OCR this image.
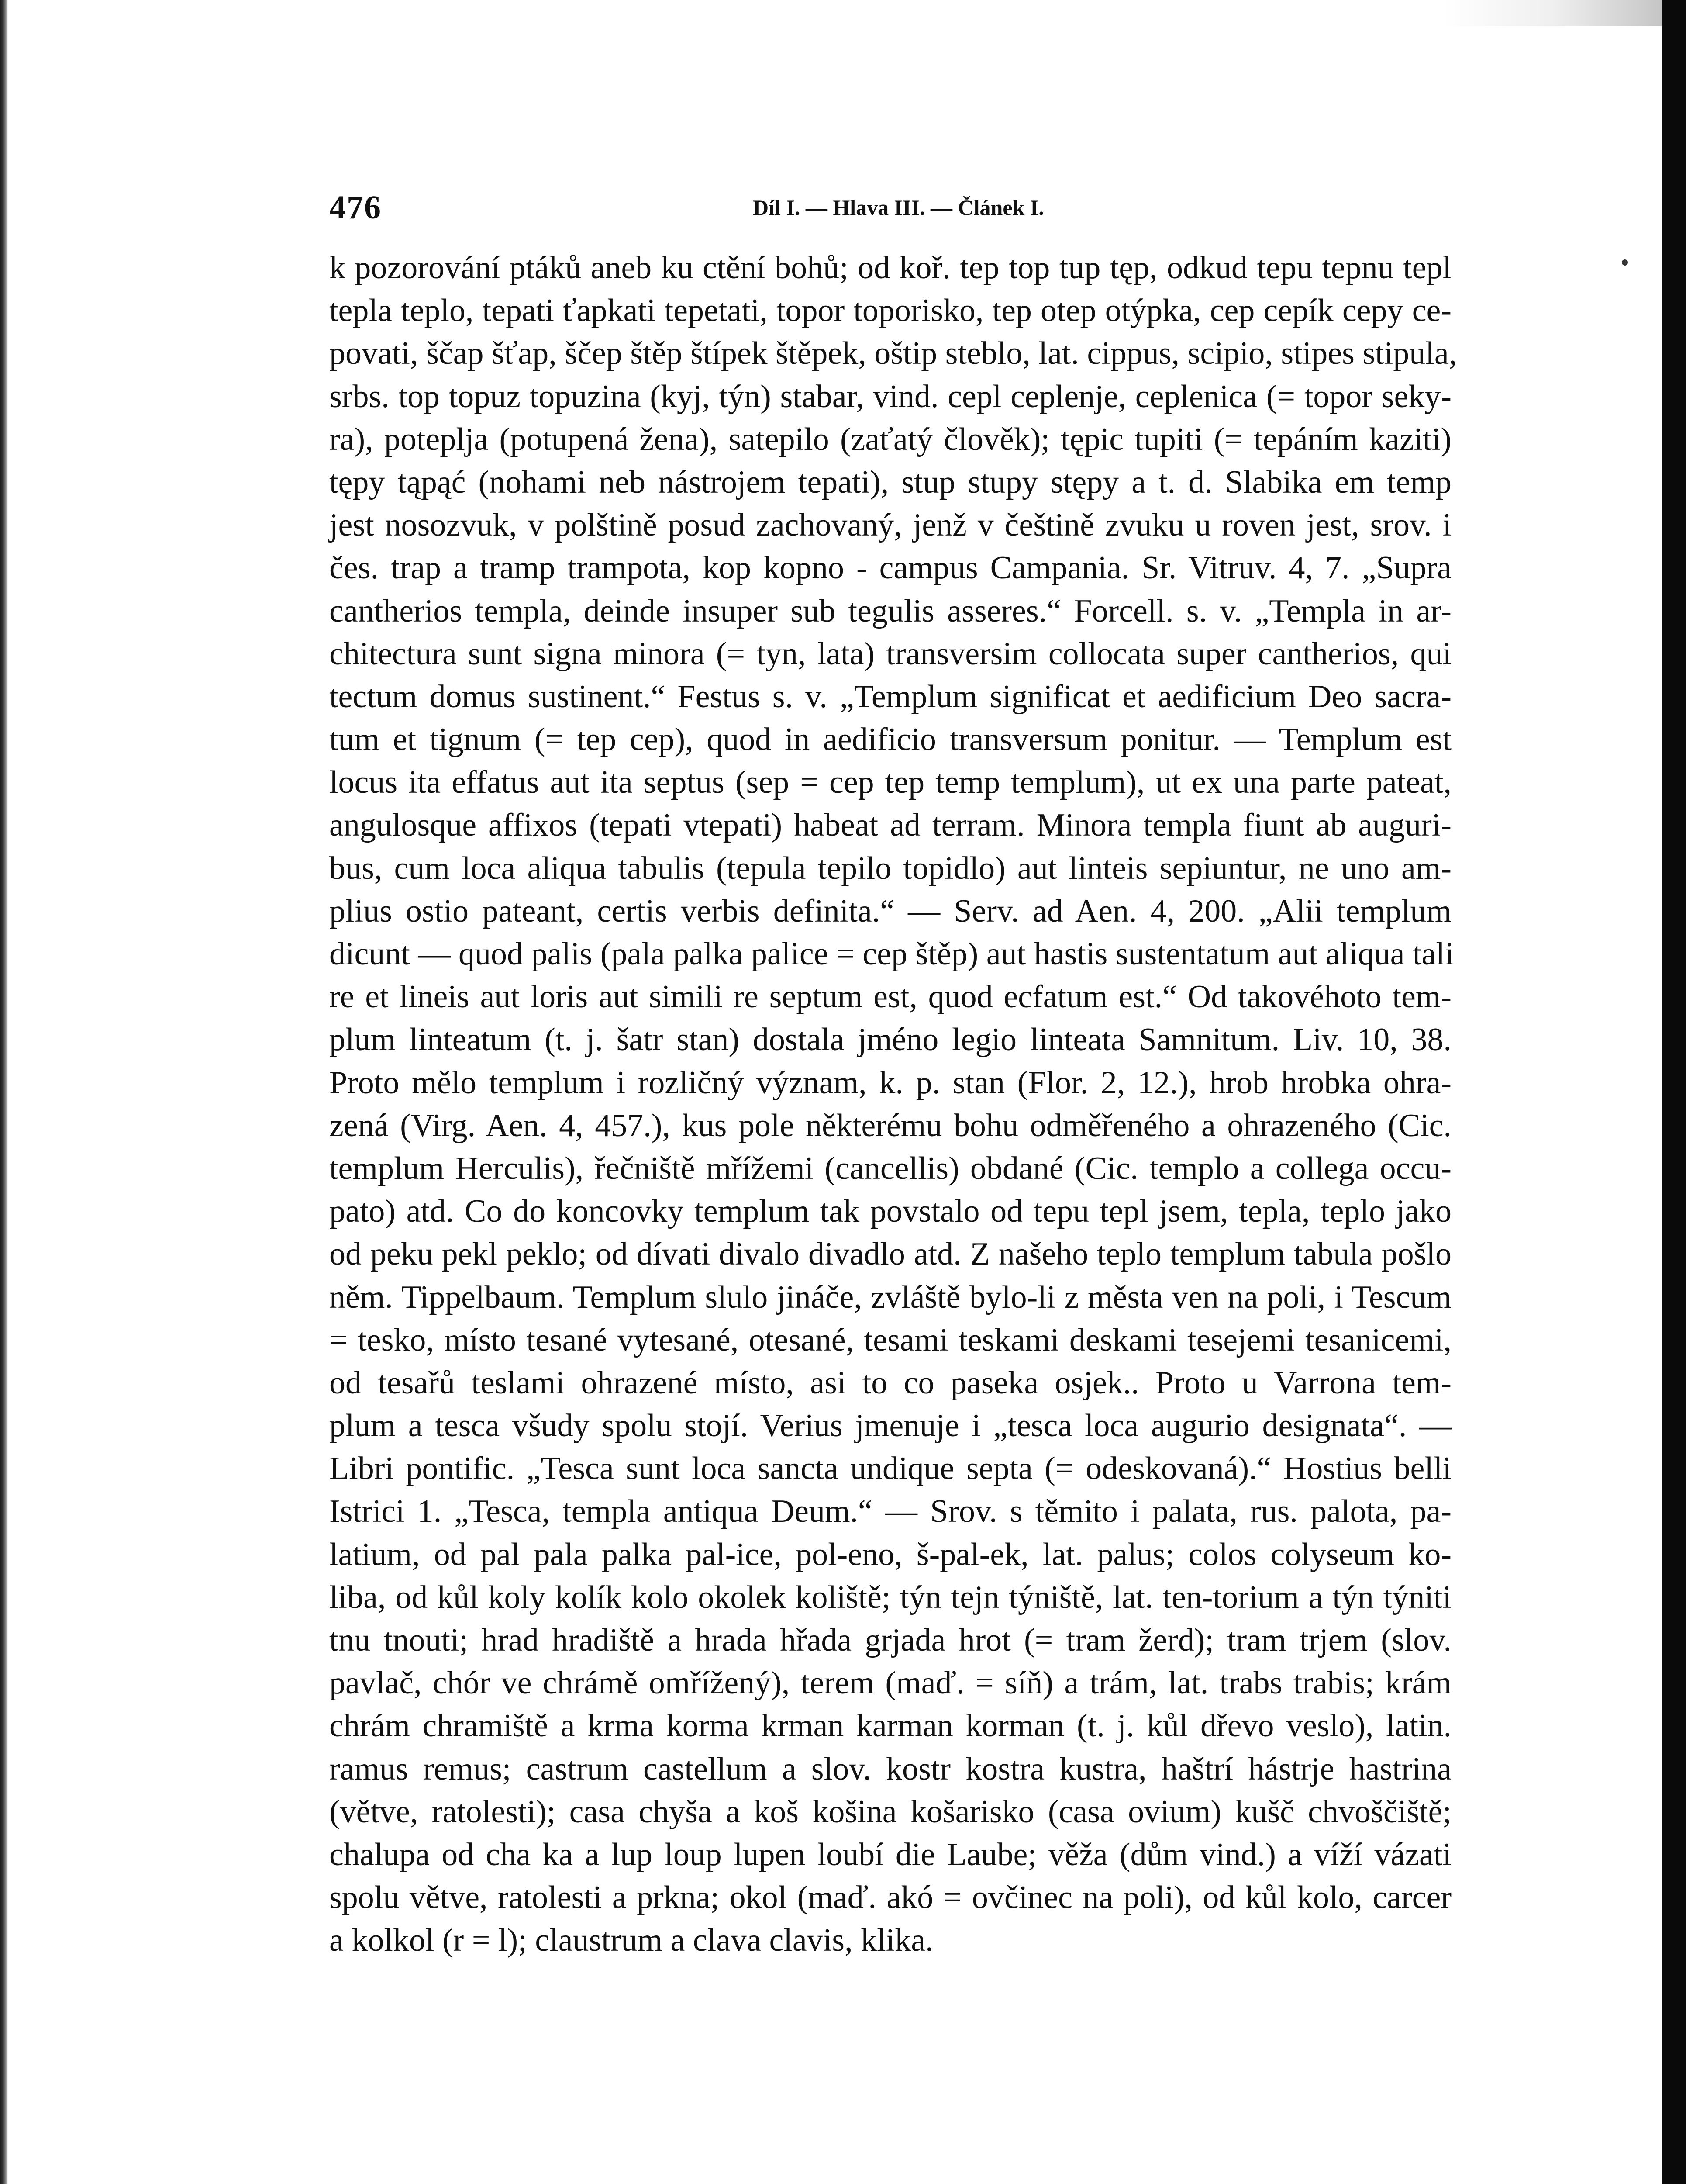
476	Díl I. — Hlava III. — Článek I.
k pozorování ptáků aneb ku ctění bohů; od koř. tep top tup tęp, odkud tepu tepnu tepl
tepla teplo, tepati ťapkati tepetati, topor toporisko, tep otep otýpka, cep cepík cepy ce-
povati, ščap šťap, ščep štěp štípek štěpek, oštip steblo, lat. cippus, scipio, stipes stipula,
srbs. top topuz topuzina (kyj, týn) stabar, vind. cepl ceplenje, ceplenica (= topor seky-
ra), poteplja (potupená žena), satepilo (zaťatý člověk); tępic tupiti (= tepáním kaziti)
tępy tąpąć (nohami neb nástrojem tepati), stup stupy stępy a t. d. Slabika em temp
jest nosozvuk, v polštině posud zachovaný, jenž v češtině zvuku u roven jest, srov. i
čes. trap a tramp trampota, kop kopno - campus Campania. Sr. Vitruv. 4, 7. „Supra
cantherios templa, deinde insuper sub tegulis asseres.“ Forcell. s. v. „Templa in ar-
chitectura sunt signa minora (= tyn, lata) transversim collocata super cantherios, qui
tectum domus sustinent.“ Festus s. v. „Templum significat et aedificium Deo sacra-
tum et tignum (= tep cep), quod in aedificio transversum ponitur. — Templum est
locus ita effatus aut ita septus (sep = cep tep temp templum), ut ex una parte pateat,
angulosque affixos (tepati vtepati) habeat ad terram. Minora templa fiunt ab auguri-
bus, cum loca aliqua tabulis (tepula tepilo topidlo) aut linteis sepiuntur, ne uno am-
plius ostio pateant, certis verbis definita.“ — Serv. ad Aen. 4, 200. „Alii templum
dicunt — quod palis (pala palka palice = cep štěp) aut hastis sustentatum aut aliqua tali
re et lineis aut loris aut simili re septum est, quod ecfatum est.“ Od takovéhoto tem-
plum linteatum (t. j. šatr stan) dostala jméno legio linteata Samnitum. Liv. 10, 38.
Proto mělo templum i rozličný význam, k. p. stan (Flor. 2, 12.), hrob hrobka ohra-
zená (Virg. Aen. 4, 457.), kus pole některému bohu odměřeného a ohrazeného (Cic.
templum Herculis), řečniště mřížemi (cancellis) obdané (Cic. templo a collega occu-
pato) atd. Co do koncovky templum tak povstalo od tepu tepl jsem, tepla, teplo jako
od peku pekl peklo; od dívati divalo divadlo atd. Z našeho teplo templum tabula pošlo
něm. Tippelbaum. Templum slulo jináče, zvláště bylo-li z města ven na poli, i Tescum
= tesko, místo tesané vytesané, otesané, tesami teskami deskami tesejemi tesanicemi,
od tesařů teslami ohrazené místo, asi to co paseka osjek.. Proto u Varrona tem-
plum a tesca všudy spolu stojí. Verius jmenuje i „tesca loca augurio designata“. —
Libri pontific. „Tesca sunt loca sancta undique septa (= odeskovaná).“ Hostius belli
Istrici 1. „Tesca, templa antiqua Deum.“ — Srov. s těmito i palata, rus. palota, pa-
latium, od pal pala palka pal-ice, pol-eno, š-pal-ek, lat. palus; colos colyseum ko-
liba, od kůl koly kolík kolo okolek koliště; týn tejn týniště, lat. ten-torium a týn týniti
tnu tnouti; hrad hradiště a hrada hřada grjada hrot (= tram žerd); tram trjem (slov.
pavlač, chór ve chrámě omřížený), terem (maď. = síň) a trám, lat. trabs trabis; krám
chrám chramiště a krma korma krman karman korman (t. j. kůl dřevo veslo), latin.
ramus remus; castrum castellum a slov. kostr kostra kustra, haštrí hástrje hastrina
(větve, ratolesti); casa chyša a koš košina košarisko (casa ovium) kušč chvoščiště;
chalupa od cha ka a lup loup lupen loubí die Laube; věža (dům vind.) a víží vázati
spolu větve, ratolesti a prkna; okol (maď. akó = ovčinec na poli), od kůl kolo, carcer
a kolkol (r = l); claustrum a clava clavis, klika.
